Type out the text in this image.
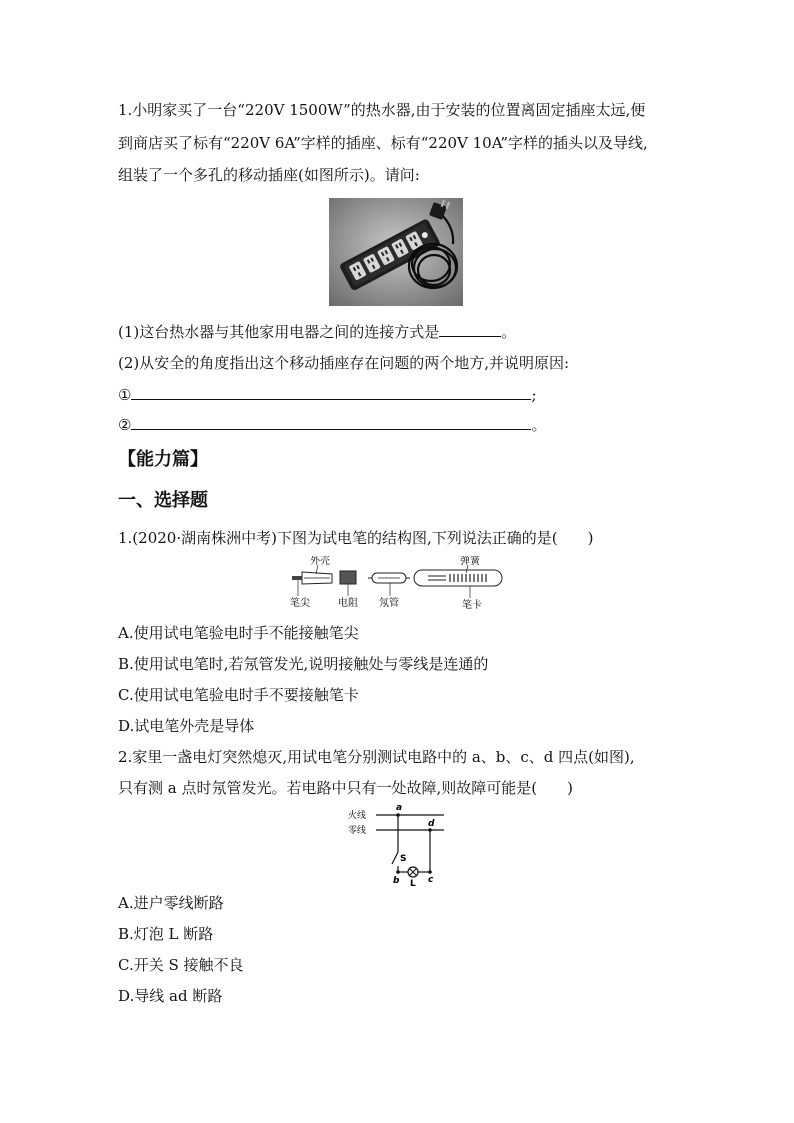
1.小明家买了一台“220V 1500W”的热水器,由于安装的位置离固定插座太远,便
到商店买了标有“220V 6A”字样的插座、标有“220V 10A”字样的插头以及导线,
组装了一个多孔的移动插座(如图所示)。请问:
(1)这台热水器与其他家用电器之间的连接方式是	。
(2)从安全的角度指出这个移动插座存在问题的两个地方,并说明原因:
①	;
②	。
【能力篇】
一、选择题
1.(2020·湖南株洲中考)下图为试电笔的结构图,下列说法正确的是(　　)
外壳	弹簧
笔尖	电阻 氖管	笔卡
A.使用试电笔验电时手不能接触笔尖
B.使用试电笔时,若氖管发光,说明接触处与零线是连通的
C.使用试电笔验电时手不要接触笔卡
D.试电笔外壳是导体
2.家里一盏电灯突然熄灭,用试电笔分别测试电路中的 a、b、c、d 四点(如图),
只有测 a 点时氖管发光。若电路中只有一处故障,则故障可能是(　　)
火线
零线
a
d
S
b L c
A.进户零线断路
B.灯泡 L 断路
C.开关 S 接触不良
D.导线 ad 断路
